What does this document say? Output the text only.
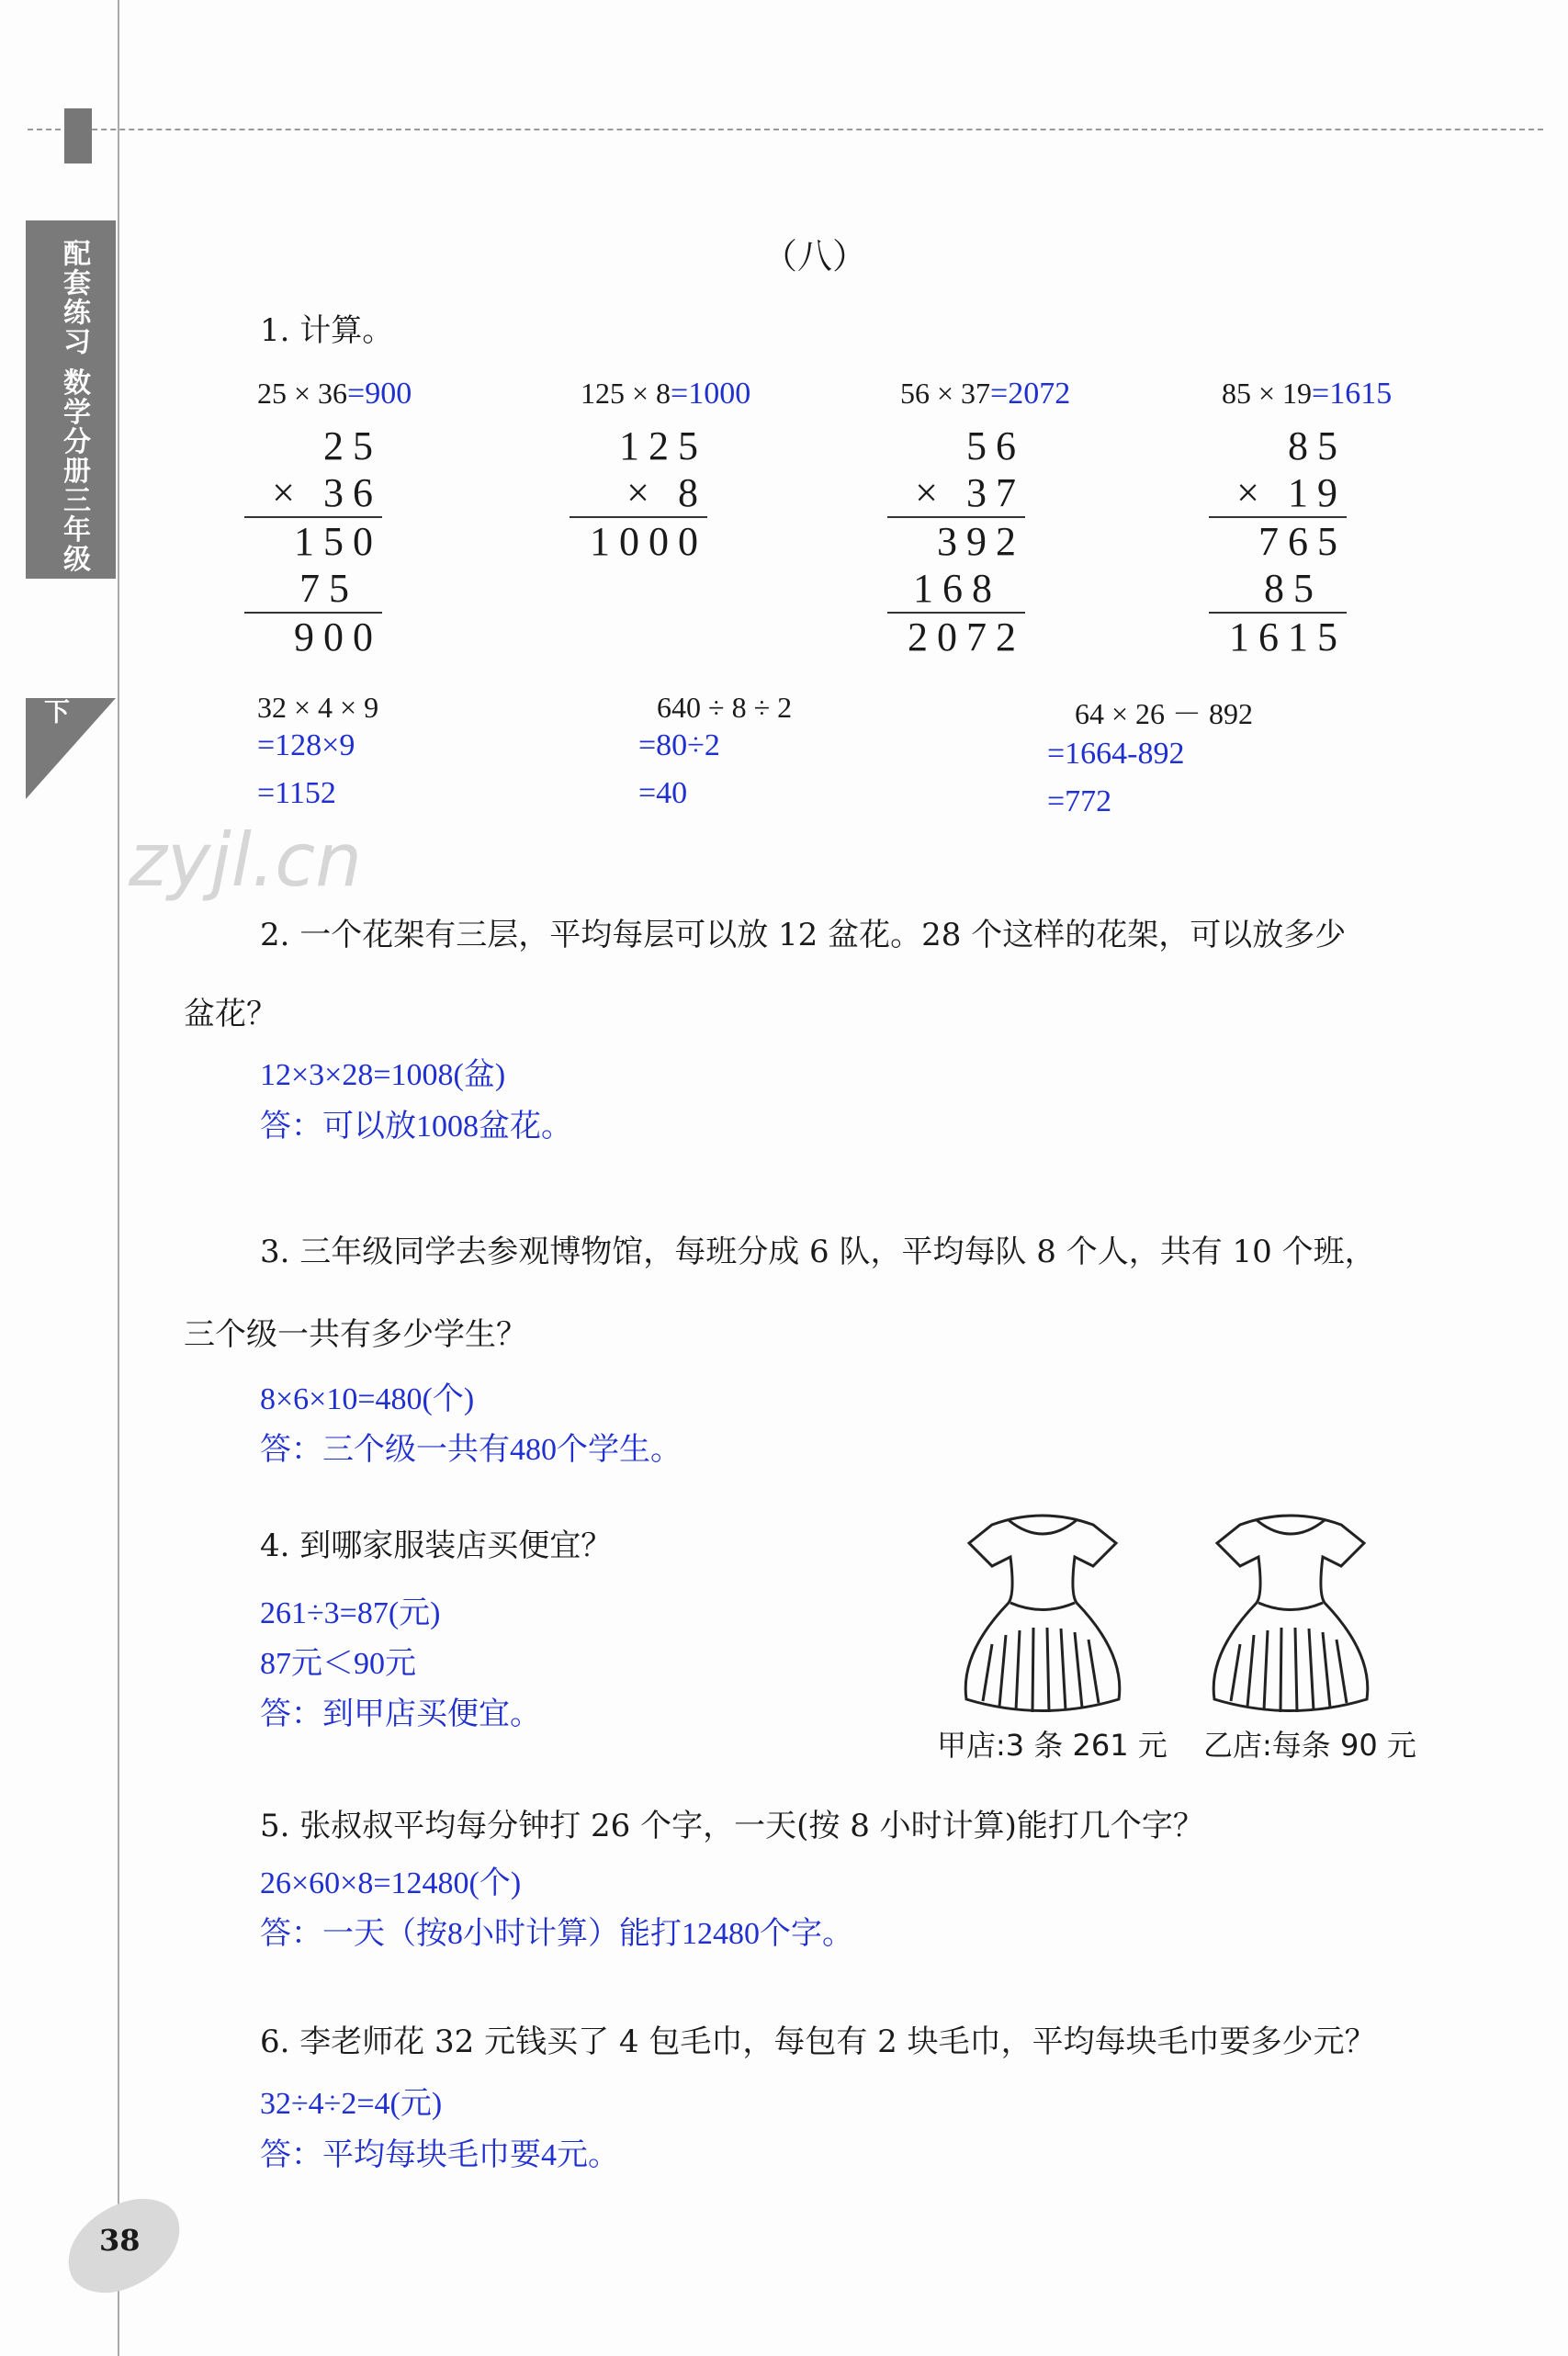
配套练习 数学分册三年级
下
（八）
1. 计算。
25 × 36=900
25
× 36
150
75
900
125 × 8=1000
125
× 8
1000
56 × 37=2072
56
× 37
392
168
2072
85 × 19=1615
85
× 19
765
85
1615
32 × 4 × 9
=128×9
=1152
640 ÷ 8 ÷ 2
=80÷2
=40
64 × 26 － 892
=1664-892
=772
zyjl.cn
2. 一个花架有三层，平均每层可以放 12 盆花。28 个这样的花架，可以放多少
盆花？
12×3×28=1008(盆)
答：可以放1008盆花。
3. 三年级同学去参观博物馆，每班分成 6 队，平均每队 8 个人，共有 10 个班，
三个级一共有多少学生？
8×6×10=480(个)
答：三个级一共有480个学生。
4. 到哪家服装店买便宜？
261÷3=87(元)
87元＜90元
答：到甲店买便宜。
甲店:3 条 261 元 乙店:每条 90 元
5. 张叔叔平均每分钟打 26 个字，一天(按 8 小时计算)能打几个字？
26×60×8=12480(个)
答：一天（按8小时计算）能打12480个字。
6. 李老师花 32 元钱买了 4 包毛巾，每包有 2 块毛巾，平均每块毛巾要多少元？
32÷4÷2=4(元)
答：平均每块毛巾要4元。
38
